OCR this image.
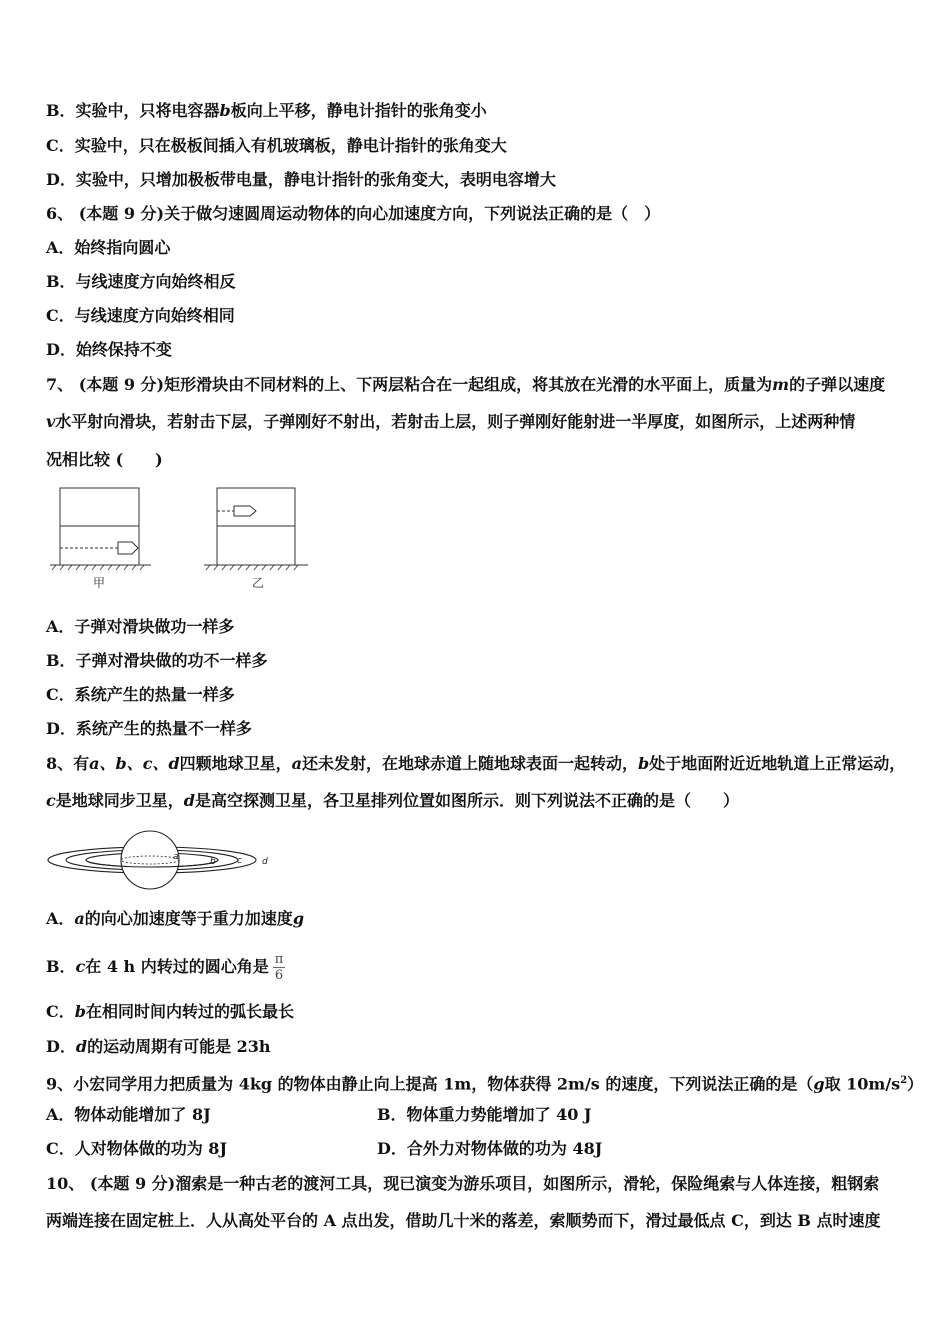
B．实验中，只将电容器b板向上平移，静电计指针的张角变小
C．实验中，只在极板间插入有机玻璃板，静电计指针的张角变大
D．实验中，只增加极板带电量，静电计指针的张角变大，表明电容增大
6、 (本题 9 分)关于做匀速圆周运动物体的向心加速度方向，下列说法正确的是（　）
A．始终指向圆心
B．与线速度方向始终相反
C．与线速度方向始终相同
D．始终保持不变
7、 (本题 9 分)矩形滑块由不同材料的上、下两层粘合在一起组成，将其放在光滑的水平面上，质量为m的子弹以速度
v水平射向滑块，若射击下层，子弹刚好不射出，若射击上层，则子弹刚好能射进一半厚度，如图所示，上述两种情
况相比较 (　　)
甲	乙
A．子弹对滑块做功一样多
B．子弹对滑块做的功不一样多
C．系统产生的热量一样多
D．系统产生的热量不一样多
8、有a、b、c、d四颗地球卫星，a还未发射，在地球赤道上随地球表面一起转动，b处于地面附近近地轨道上正常运动，
c是地球同步卫星，d是高空探测卫星，各卫星排列位置如图所示．则下列说法不正确的是（　　）
a	b c d
A．a的向心加速度等于重力加速度g
B．c在 4 h 内转过的圆心角是 $\frac{\pi}{6}$
C．b在相同时间内转过的弧长最长
D．d的运动周期有可能是 23h
9、小宏同学用力把质量为 4kg 的物体由静止向上提高 1m，物体获得 2m/s 的速度，下列说法正确的是（g取 $10m/s^2$）
A．物体动能增加了 8J	B．物体重力势能增加了 40 J
C．人对物体做的功为 8J	D．合外力对物体做的功为 48J
10、 (本题 9 分)溜索是一种古老的渡河工具，现已演变为游乐项目，如图所示，滑轮，保险绳索与人体连接，粗钢索
两端连接在固定桩上．人从高处平台的 A 点出发，借助几十米的落差，索顺势而下，滑过最低点 C，到达 B 点时速度
